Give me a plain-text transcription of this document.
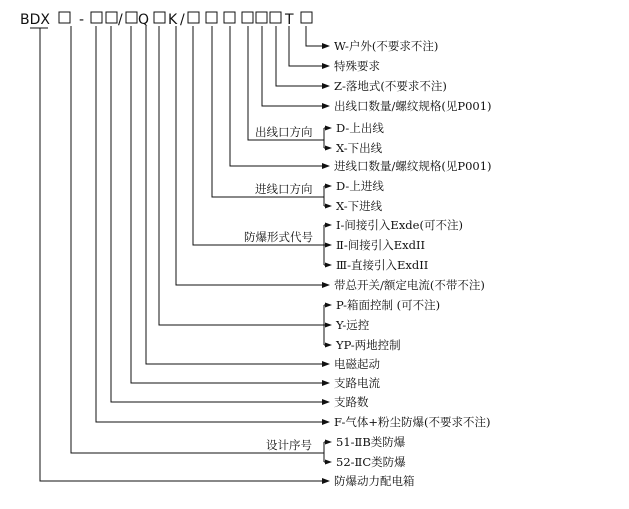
BDX - / Q K /	T
W-户外(不要求不注)
特殊要求
Z-落地式(不要求不注)
出线口数量/螺纹规格(见P001)
出线口方向 D-上出线
X-下出线
进线口数量/螺纹规格(见P001)
进线口方向 D-上进线
X-下进线
防爆形式代号
Ⅰ-间接引入Exde(可不注)
Ⅱ-间接引入ExdII
Ⅲ-直接引入ExdII
带总开关/额定电流(不带不注)
P-箱面控制 (可不注)
Y-远控
YP-两地控制
电磁起动
支路电流
支路数
F-气体+粉尘防爆(不要求不注)
设计序号 51-ⅡB类防爆
52-ⅡC类防爆
防爆动力配电箱
